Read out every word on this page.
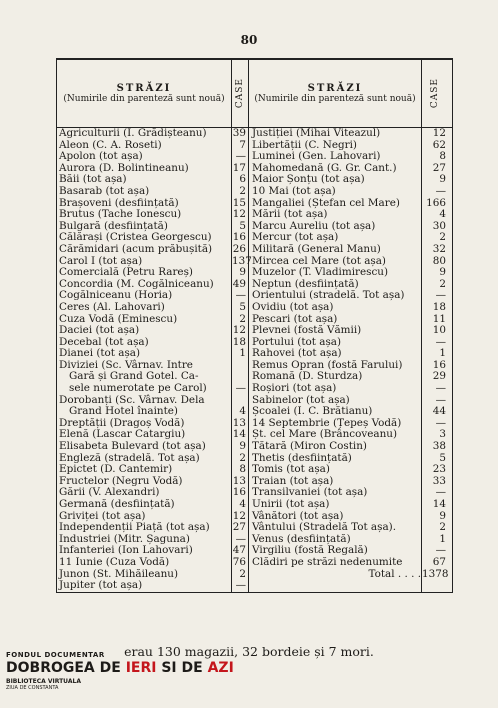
80
STRĂZI
(Numirile din parenteză sunt nouă) CASE	STRĂZI
(Numirile din parenteză sunt nouă) CASE
Agriculturii (I. Grădișteanu)
Aleon (C. A. Roseti)
Apolon (tot așa)
Aurora (D. Bolintineanu)
Băii (tot așa)
Basarab (tot așa)
Brașoveni (desființată)
Brutus (Tache Ionescu)
Bulgară (desființată)
Călărași (Cristea Georgescu)
Cărămidari (acum prăbușită)
Carol I (tot așa)
Comercială (Petru Rareș)
Concordia (M. Cogălniceanu)
Cogălniceanu (Horia)
Ceres (Al. Lahovari)
Cuza Vodă (Eminescu)
Daciei (tot așa)
Decebal (tot așa)
Dianei (tot așa)
Diviziei (Sc. Vârnav. Intre
Gară și Grand Gotel. Ca-
sele numerotate pe Carol)
Dorobanți (Sc. Vârnav. Dela
Grand Hotel înainte)
Dreptății (Dragoș Vodă)
Elenă (Lascar Catargiu)
Elisabeta Bulevard (tot așa)
Engleză (stradelă. Tot așa)
Epictet (D. Cantemir)
Fructelor (Negru Vodă)
Gării (V. Alexandri)
Germană (desființată)
Griviței (tot așa)
Independenții Piață (tot așa)
Industriei (Mitr. Șaguna)
Infanteriei (Ion Lahovari)
11 Iunie (Cuza Vodă)
Junon (St. Mihăileanu)
Jupiter (tot așa)
39
7
—
17
6
2
15
12
5
16
26
137
9
49
—
5
2
12
18
1
—
4
13
14
9
2
8
13
16
4
12
27
—
47
76
2
—
Justiției (Mihai Viteazul)
Libertății (C. Negri)
Luminei (Gen. Lahovari)
Mahomedană (G. Gr. Cant.)
Maior Șonțu (tot așa)
10 Mai (tot așa)
Mangaliei (Ștefan cel Mare)
Mării (tot așa)
Marcu Aureliu (tot așa)
Mercur (tot așa)
Militară (General Manu)
Mircea cel Mare (tot așa)
Muzelor (T. Vladimirescu)
Neptun (desființată)
Orientului (stradelă. Tot așa)
Ovidiu (tot așa)
Pescari (tot așa)
Plevnei (fostă Vămii)
Portului (tot așa)
Rahovei (tot așa)
Remus Opran (fostă Farului)
Romană (D. Sturdza)
Roșiori (tot așa)
Sabinelor (tot așa)
Școalei (I. C. Brătianu)
14 Septembrie (Țepeș Vodă)
Șt. cel Mare (Brâncoveanu)
Tătară (Miron Costin)
Thetis (desființată)
Tomis (tot așa)
Traian (tot așa)
Transilvaniei (tot așa)
Unirii (tot așa)
Vânători (tot așa)
Vântului (Stradelă Tot așa).
Venus (desființată)
Virgiliu (fostă Regală)
Clădiri pe străzi nedenumite
Total . . . .
12
62
8
27
9
—
166
4
30
2
32
80
9
2
—
18
11
10
—
1
16
29
—
—
44
—
3
38
5
23
33
—
14
9
2
1
—
67
1378
erau 130 magazii, 32 bordeie și 7 mori.
FONDUL DOCUMENTAR
DOBROGEA DE IERI SI DE AZI
BIBLIOTECA VIRTUALA
ZIUA DE CONSTANTA
